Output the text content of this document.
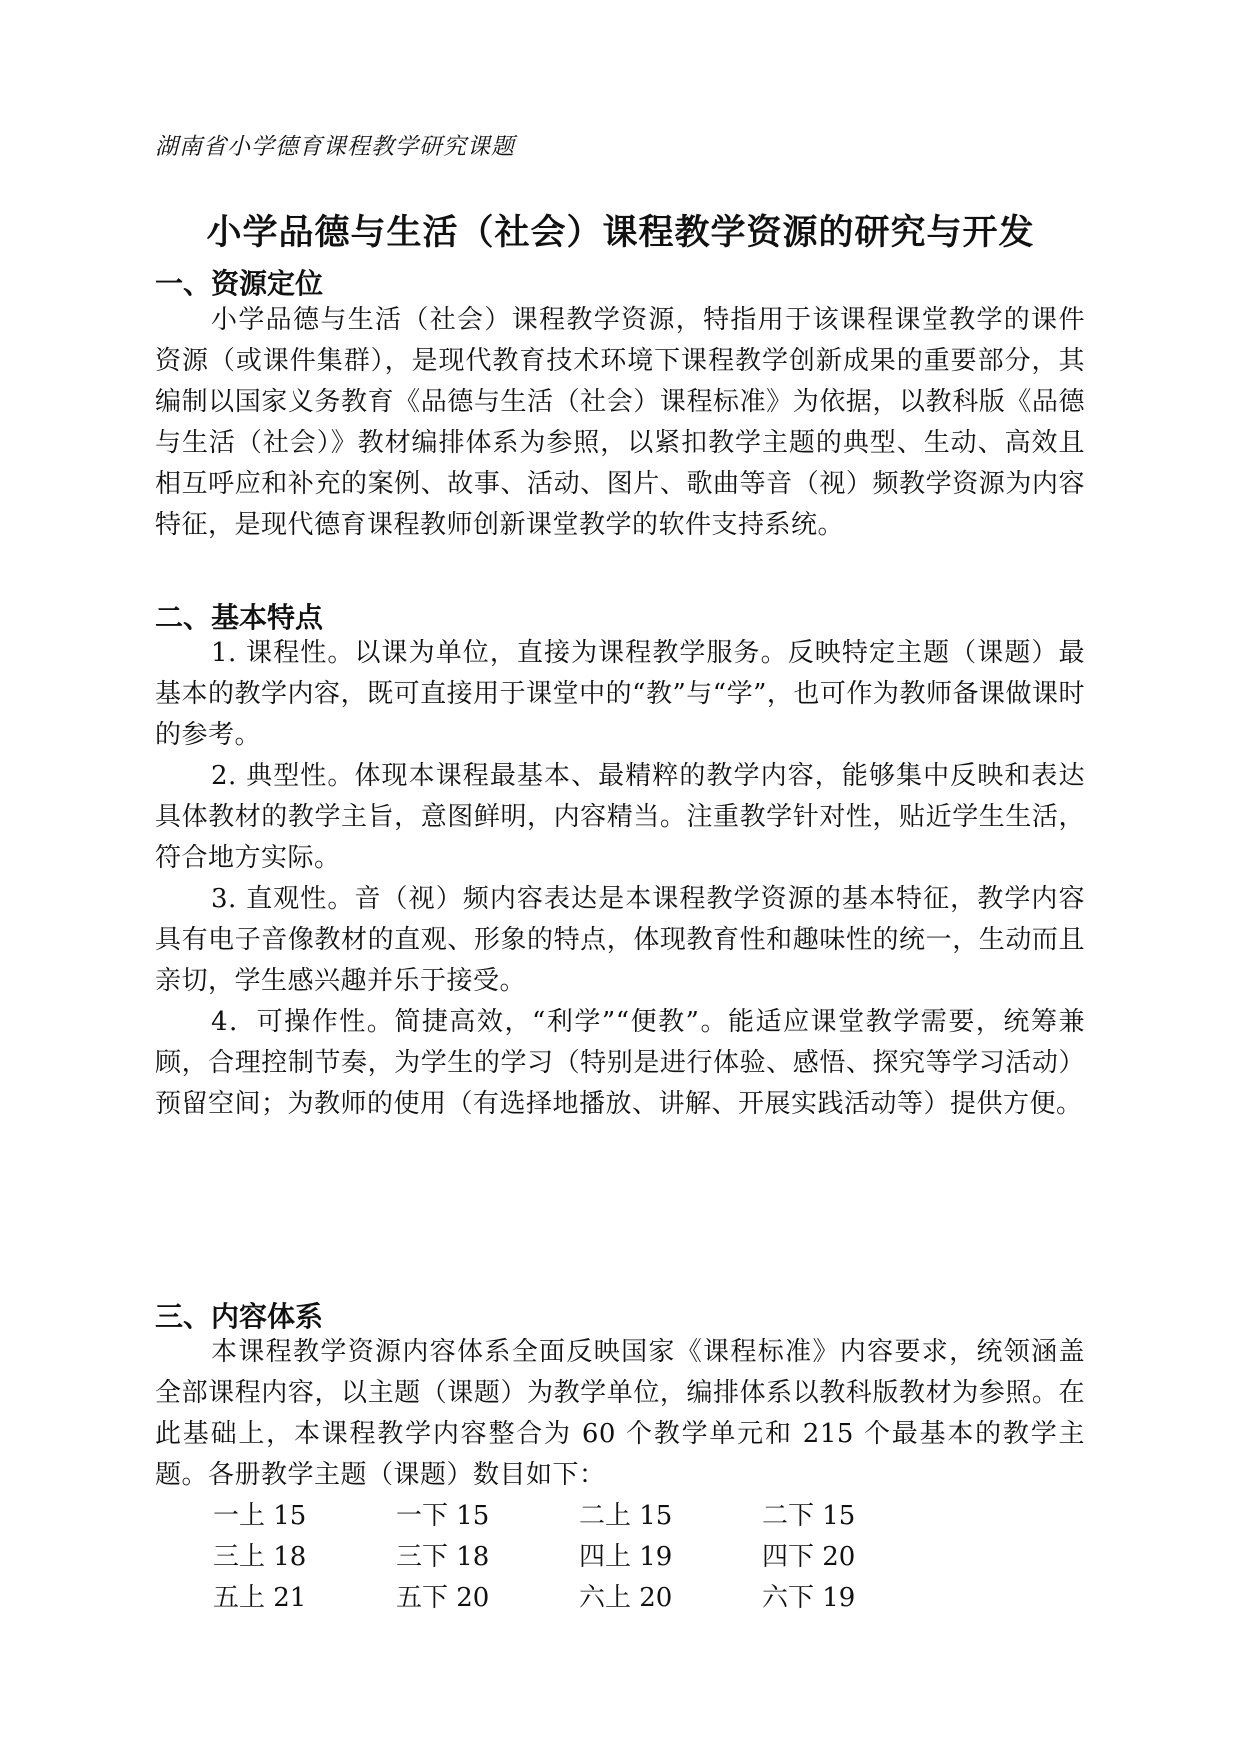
湖南省小学德育课程教学研究课题
小学品德与生活（社会）课程教学资源的研究与开发
一、资源定位

小学品德与生活（社会）课程教学资源，特指用于该课程课堂教学的课件资源（或课件集群），是现代教育技术环境下课程教学创新成果的重要部分，其编制以国家义务教育《品德与生活（社会）课程标准》为依据，以教科版《品德与生活（社会）》教材编排体系为参照，以紧扣教学主题的典型、生动、高效且相互呼应和补充的案例、故事、活动、图片、歌曲等音（视）频教学资源为内容特征，是现代德育课程教师创新课堂教学的软件支持系统。

二、基本特点

1. 课程性。以课为单位，直接为课程教学服务。反映特定主题（课题）最基本的教学内容，既可直接用于课堂中的“教”与“学”，也可作为教师备课做课时的参考。

2. 典型性。体现本课程最基本、最精粹的教学内容，能够集中反映和表达具体教材的教学主旨，意图鲜明，内容精当。注重教学针对性，贴近学生生活，符合地方实际。

3. 直观性。音（视）频内容表达是本课程教学资源的基本特征，教学内容具有电子音像教材的直观、形象的特点，体现教育性和趣味性的统一，生动而且亲切，学生感兴趣并乐于接受。

4．可操作性。简捷高效，“利学”“便教”。能适应课堂教学需要，统筹兼顾，合理控制节奏，为学生的学习（特别是进行体验、感悟、探究等学习活动）预留空间；为教师的使用（有选择地播放、讲解、开展实践活动等）提供方便。

三、内容体系

本课程教学资源内容体系全面反映国家《课程标准》内容要求，统领涵盖全部课程内容，以主题（课题）为教学单位，编排体系以教科版教材为参照。在此基础上，本课程教学内容整合为 60 个教学单元和 215 个最基本的教学主题。各册教学主题（课题）数目如下：

一上 15	一下 15	二上 15	二下 15
三上 18	三下 18	四上 19	四下 20
五上 21	五下 20	六上 20	六下 19
